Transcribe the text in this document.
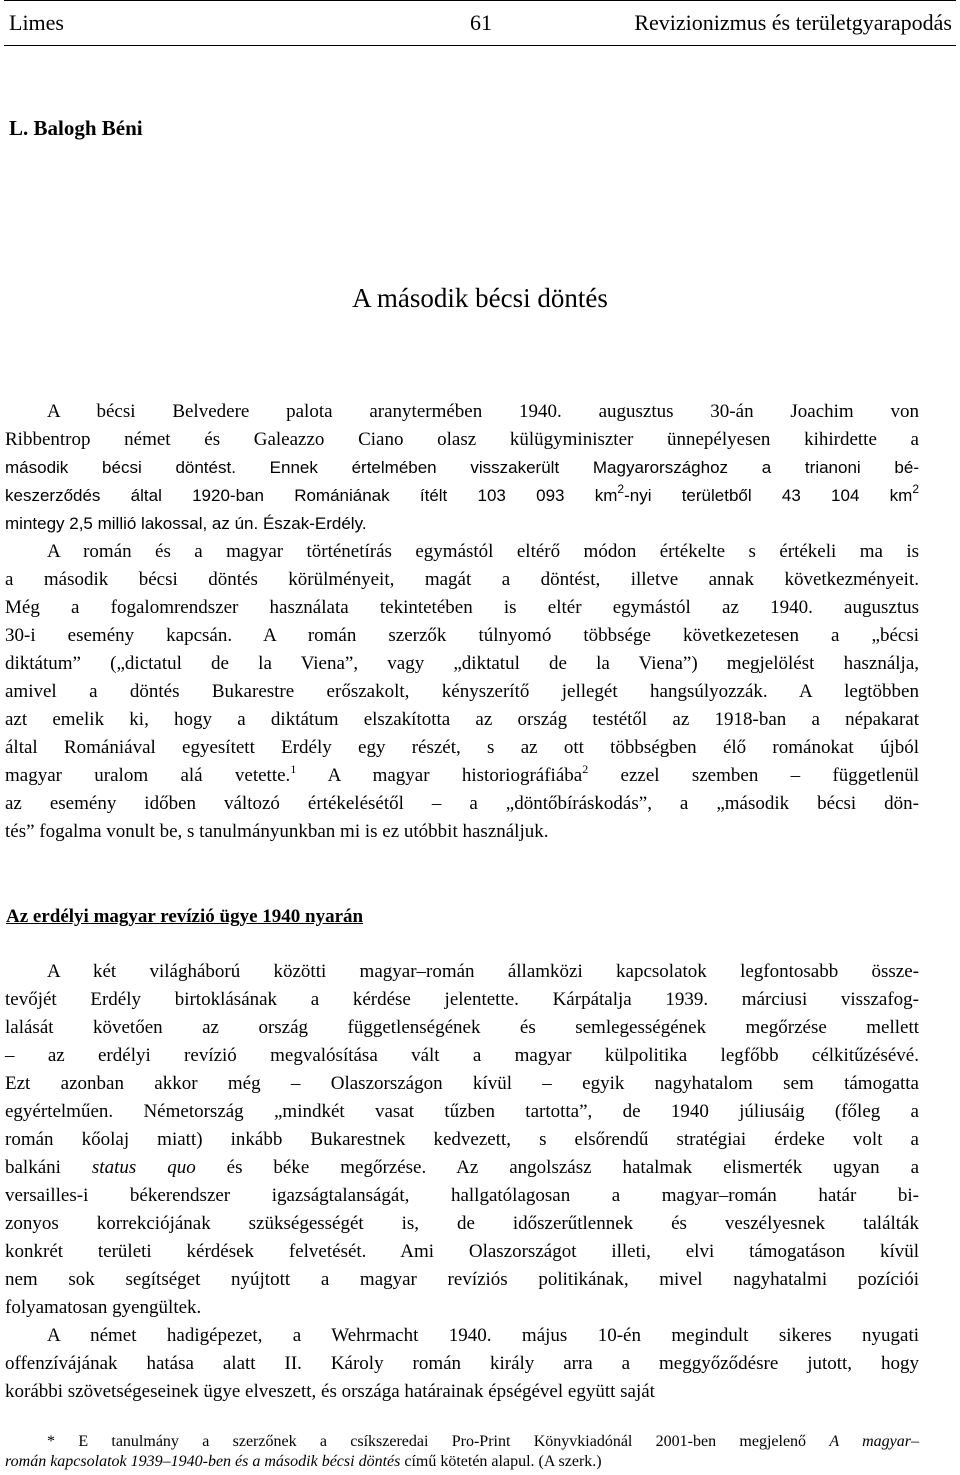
Limes	61	Revizionizmus és területgyarapodás
L. Balogh Béni
A második bécsi döntés
A bécsi Belvedere palota aranytermében 1940. augusztus 30-án Joachim von
Ribbentrop német és Galeazzo Ciano olasz külügyminiszter ünnepélyesen kihirdette a
második bécsi döntést. Ennek értelmében visszakerült Magyarországhoz a trianoni bé-
keszerződés által 1920-ban Romániának ítélt 103 093 $km^2$-nyi területből 43 104 $km^2$
mintegy 2,5 millió lakossal, az ún. Észak-Erdély.
A román és a magyar történetírás egymástól eltérő módon értékelte s értékeli ma is
a második bécsi döntés körülményeit, magát a döntést, illetve annak következményeit.
Még a fogalomrendszer használata tekintetében is eltér egymástól az 1940. augusztus
30-i esemény kapcsán. A román szerzők túlnyomó többsége következetesen a „bécsi
diktátum” („dictatul de la Viena”, vagy „diktatul de la Viena”) megjelölést használja,
amivel a döntés Bukarestre erőszakolt, kényszerítő jellegét hangsúlyozzák. A legtöbben
azt emelik ki, hogy a diktátum elszakította az ország testétől az 1918-ban a népakarat
által Romániával egyesített Erdély egy részét, s az ott többségben élő románokat újból
magyar uralom alá vetette.$^1$ A magyar historiográfiába$^2$ ezzel szemben – függetlenül
az esemény időben változó értékelésétől – a „döntőbíráskodás”, a „második bécsi dön-
tés” fogalma vonult be, s tanulmányunkban mi is ez utóbbit használjuk.
Az erdélyi magyar revízió ügye 1940 nyarán
A két világháború közötti magyar–román államközi kapcsolatok legfontosabb össze-
tevőjét Erdély birtoklásának a kérdése jelentette. Kárpátalja 1939. márciusi visszafog-
lalását követően az ország függetlenségének és semlegességének megőrzése mellett
– az erdélyi revízió megvalósítása vált a magyar külpolitika legfőbb célkitűzésévé.
Ezt azonban akkor még – Olaszországon kívül – egyik nagyhatalom sem támogatta
egyértelműen. Németország „mindkét vasat tűzben tartotta”, de 1940 júliusáig (főleg a
román kőolaj miatt) inkább Bukarestnek kedvezett, s elsőrendű stratégiai érdeke volt a
balkáni status quo és béke megőrzése. Az angolszász hatalmak elismerték ugyan a
versailles-i békerendszer igazságtalanságát, hallgatólagosan a magyar–román határ bi-
zonyos korrekciójának szükségességét is, de időszerűtlennek és veszélyesnek találták
konkrét területi kérdések felvetését. Ami Olaszországot illeti, elvi támogatáson kívül
nem sok segítséget nyújtott a magyar revíziós politikának, mivel nagyhatalmi pozíciói
folyamatosan gyengültek.
A német hadigépezet, a Wehrmacht 1940. május 10-én megindult sikeres nyugati
offenzívájának hatása alatt II. Károly román király arra a meggyőződésre jutott, hogy
korábbi szövetségeseinek ügye elveszett, és országa határainak épségével együtt saját
* E tanulmány a szerzőnek a csíkszeredai Pro-Print Könyvkiadónál 2001-ben megjelenő A magyar–
román kapcsolatok 1939–1940-ben és a második bécsi döntés című kötetén alapul. (A szerk.)
